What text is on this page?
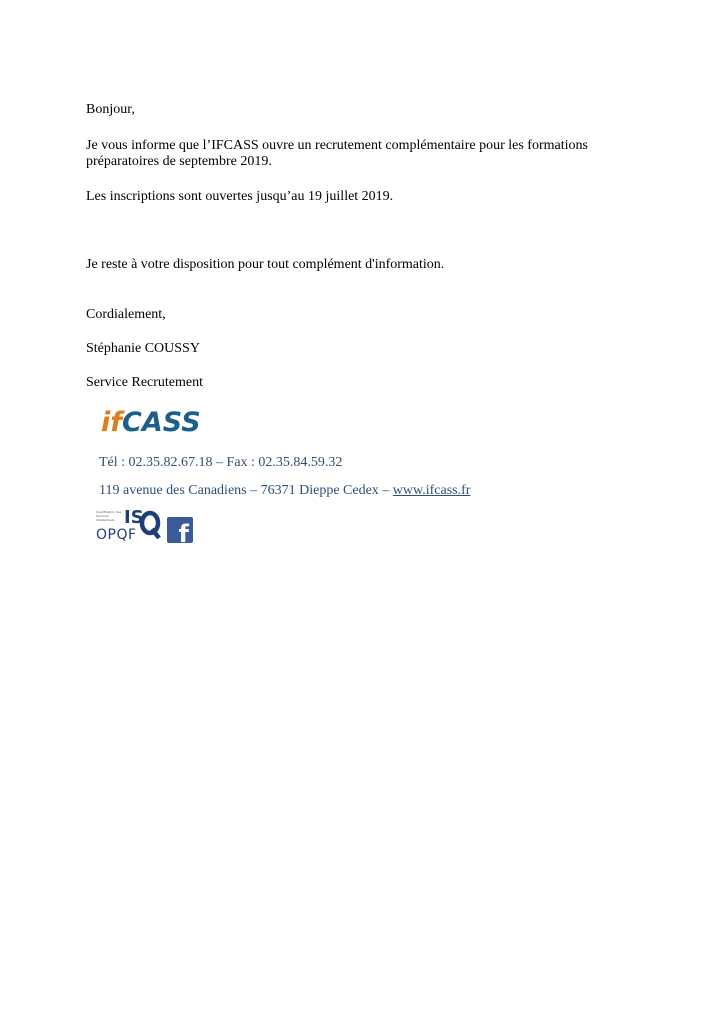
Bonjour,

Je vous informe que l’IFCASS ouvre un recrutement complémentaire pour les formations

préparatoires de septembre 2019.

Les inscriptions sont ouvertes jusqu’au 19 juillet 2019.

Je reste à votre disposition pour tout complément d'information.

Cordialement,

Stéphanie COUSSY

Service Recrutement

ifCASS

Tél : 02.35.82.67.18 – Fax : 02.35.84.59.32

119 avenue des Canadiens – 76371 Dieppe Cedex – www.ifcass.fr

Qualification des Services Intellectuels IS
OPQF f
